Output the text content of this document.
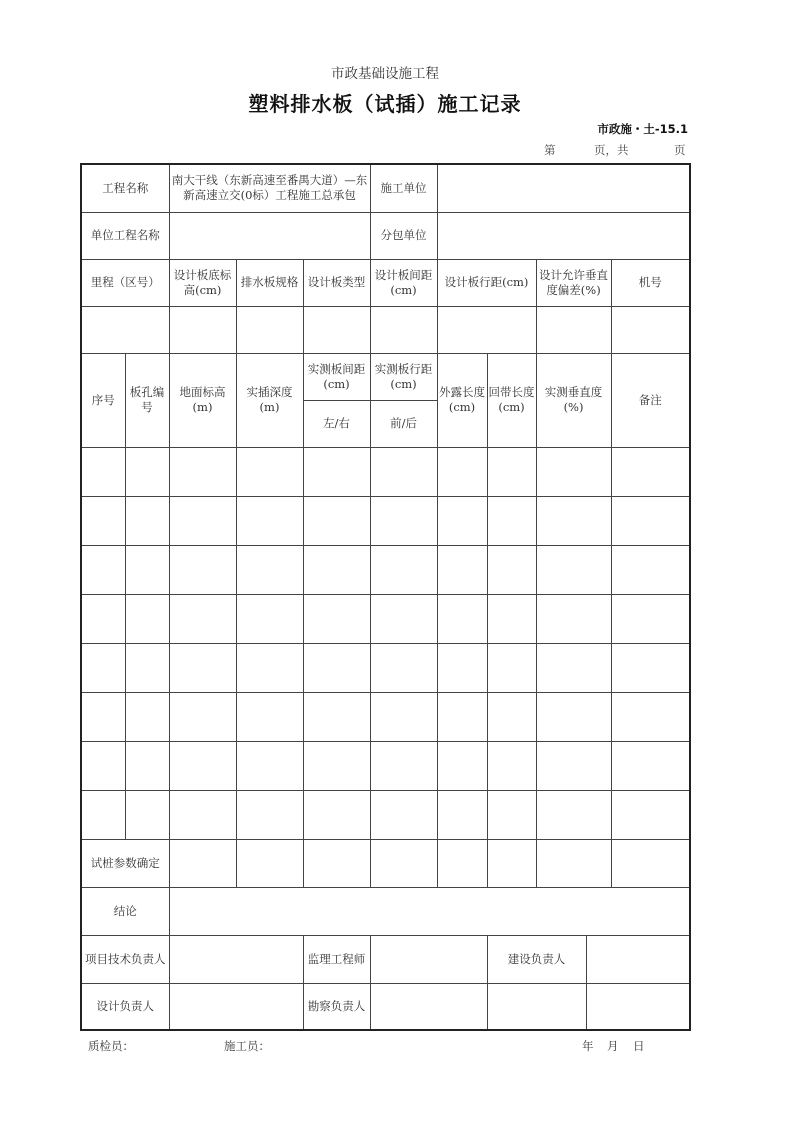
市政基础设施工程
塑料排水板（试插）施工记录
市政施・土-15.1
第	页，共	页
工程名称		南大干线（东新高速至番禺大道）—东新高速立交(0标）工程施工总承包			施工单位					
单位工程名称					分包单位					
里程（区号）		设计板底标高(cm)	排水板规格	设计板类型	设计板间距(cm)	设计板行距(cm)		设计允许垂直度偏差(%)		机号

序号	板孔编号	地面标高(m)	实插深度(m)	实测板间距(cm)	实测板行距(cm)	外露长度(cm)	回带长度(cm)	实测垂直度(%)		备注
				左/右	前/后					

试桩参数确定										
结论										
项目技术负责人				监理工程师			建设负责人			
设计负责人				勘察负责人						
质检员：	施工员：	年 月 日
